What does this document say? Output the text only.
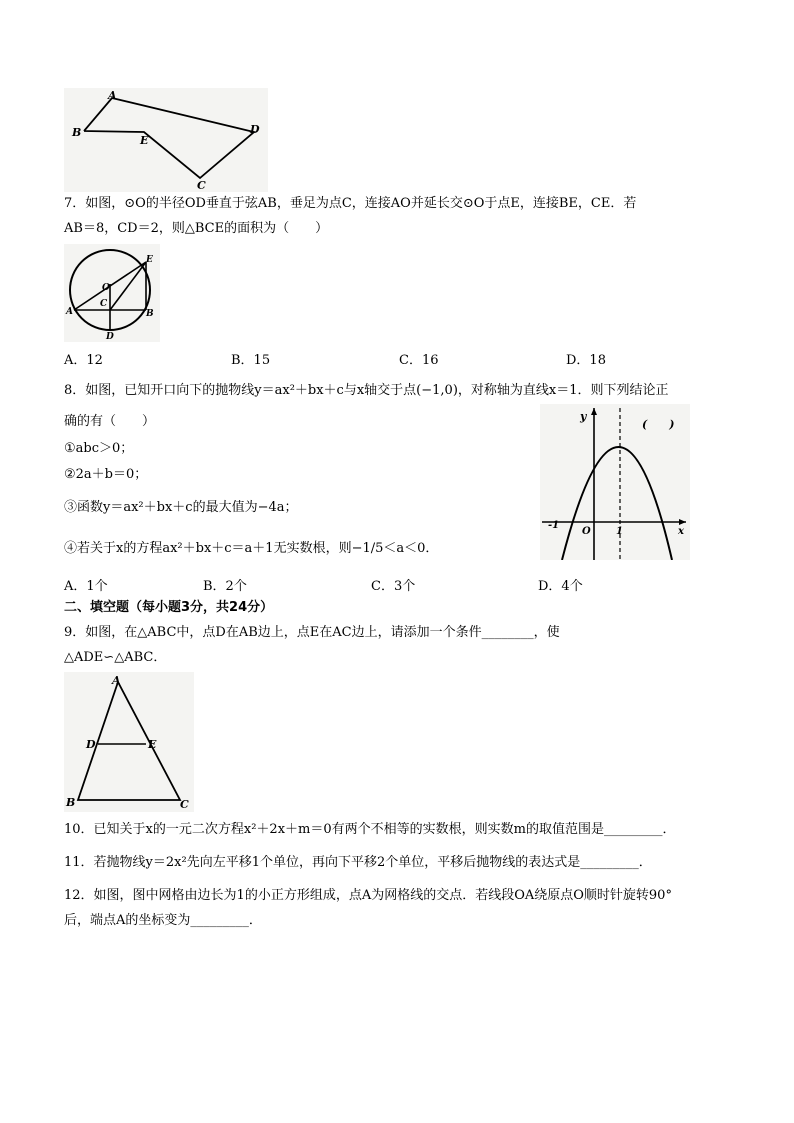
A
B
E
D
C
7．如图，⊙O的半径OD垂直于弦AB，垂足为点C，连接AO并延长交⊙O于点E，连接BE，CE．若
AB＝8，CD＝2，则△BCE的面积为（　　）
E
O
C
A	B
D
A．12	B．15	C．16	D．18
8．如图，已知开口向下的抛物线y＝ax²＋bx＋c与x轴交于点(−1,0)，对称轴为直线x＝1．则下列结论正
确的有（　　）
①abc＞0；
②2a＋b＝0；
③函数y＝ax²＋bx＋c的最大值为−4a；
④若关于x的方程ax²＋bx＋c＝a＋1无实数根，则−1/5＜a＜0．
y
x
O
-1
1
(　　)
A．1个	B．2个	C．3个	D．4个
二、填空题（每小题3分，共24分）
9．如图，在△ABC中，点D在AB边上，点E在AC边上，请添加一个条件________，使
△ADE∽△ABC．
A
D	E
B	C
10．已知关于x的一元二次方程x²＋2x＋m＝0有两个不相等的实数根，则实数m的取值范围是_________．
11．若抛物线y＝2x²先向左平移1个单位，再向下平移2个单位，平移后抛物线的表达式是_________．
12．如图，图中网格由边长为1的小正方形组成，点A为网格线的交点．若线段OA绕原点O顺时针旋转90°
后，端点A的坐标变为_________．
